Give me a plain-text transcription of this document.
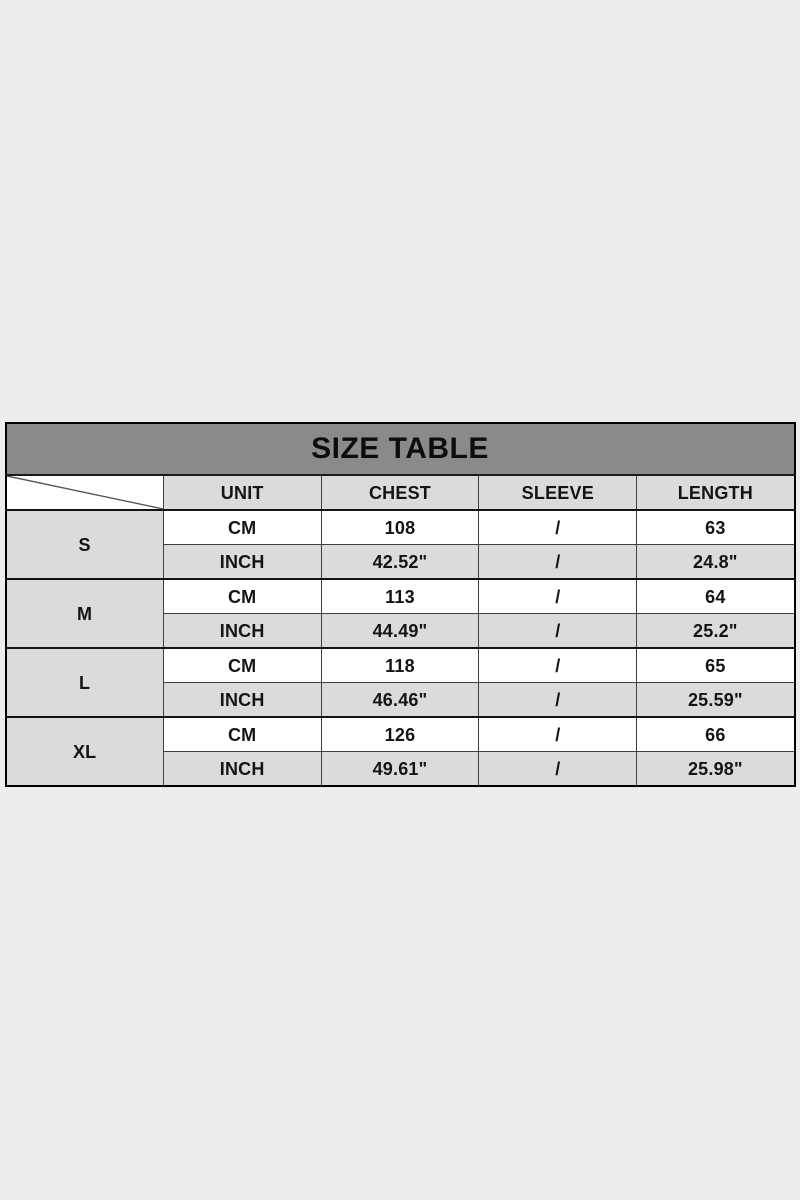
SIZE TABLE				

	UNIT	CHEST	SLEEVE	LENGTH
S	CM	108	/	63
	INCH	42.52"	/	24.8"
M	CM	113	/	64
	INCH	44.49"	/	25.2"
L	CM	118	/	65
	INCH	46.46"	/	25.59"
XL	CM	126	/	66
	INCH	49.61"	/	25.98"
